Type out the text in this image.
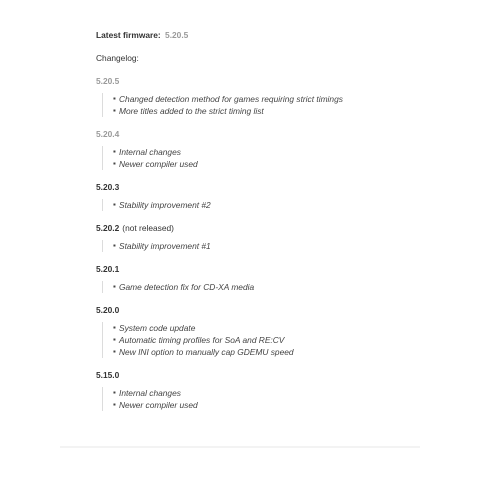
Latest firmware: 5.20.5
Changelog:
5.20.5
▪ Changed detection method for games requiring strict timings
▪ More titles added to the strict timing list
5.20.4
▪ Internal changes
▪ Newer compiler used
5.20.3
▪ Stability improvement #2
5.20.2 (not released)
▪ Stability improvement #1
5.20.1
▪ Game detection fix for CD-XA media
5.20.0
▪ System code update
▪ Automatic timing profiles for SoA and RE:CV
▪ New INI option to manually cap GDEMU speed
5.15.0
▪ Internal changes
▪ Newer compiler used
